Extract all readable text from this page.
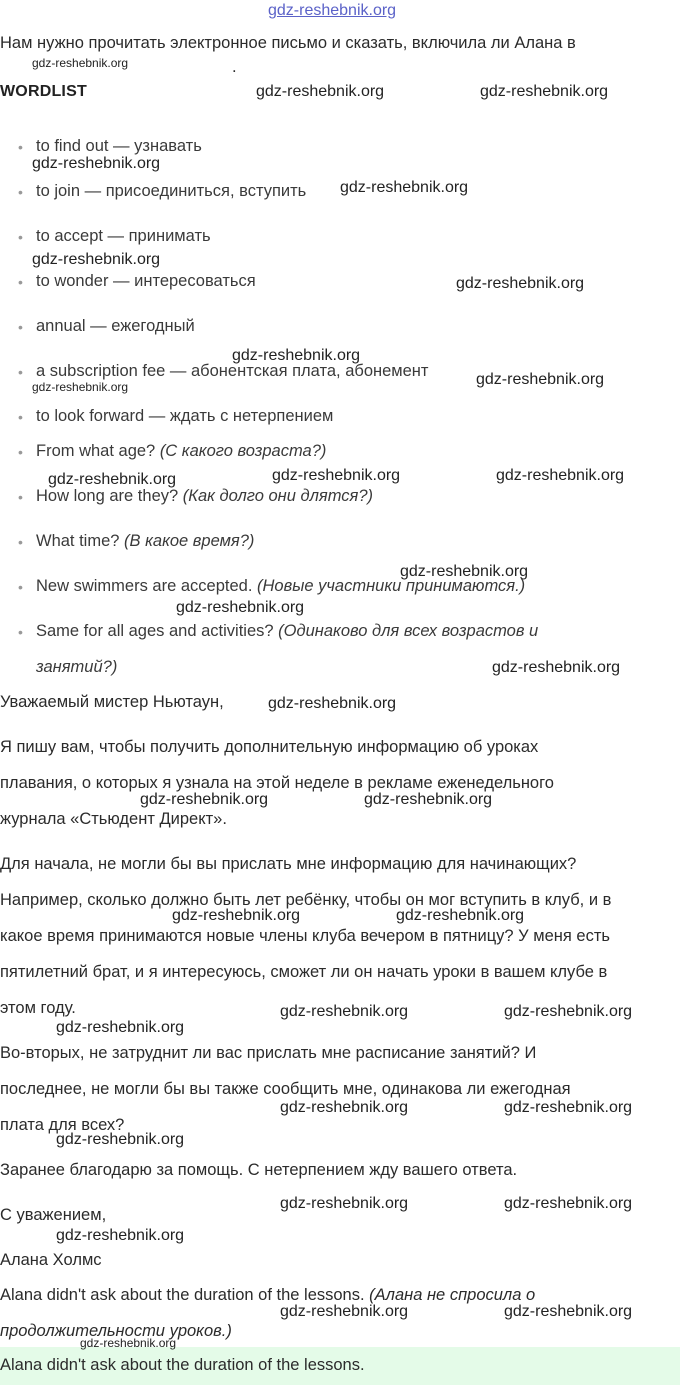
gdz-reshebnik.org
Нам нужно прочитать электронное письмо и сказать, включила ли Алана в
.
WORDLIST
• to find out — узнавать
• to join — присоединиться, вступить
• to accept — принимать
• to wonder — интересоваться
• annual — ежегодный
• a subscription fee — абонентская плата, абонемент
• to look forward — ждать с нетерпением
• From what age? (С какого возраста?)
• How long are they? (Как долго они длятся?)
• What time? (В какое время?)
• New swimmers are accepted. (Новые участники принимаются.)
• Same for all ages and activities? (Одинаково для всех возрастов и
занятий?)
Уважаемый мистер Ньютаун,
Я пишу вам, чтобы получить дополнительную информацию об уроках
плавания, о которых я узнала на этой неделе в рекламе еженедельного
журнала «Стьюдент Директ».
Для начала, не могли бы вы прислать мне информацию для начинающих?
Например, сколько должно быть лет ребёнку, чтобы он мог вступить в клуб, и в
какое время принимаются новые члены клуба вечером в пятницу? У меня есть
пятилетний брат, и я интересуюсь, сможет ли он начать уроки в вашем клубе в
этом году.
Во-вторых, не затруднит ли вас прислать мне расписание занятий? И
последнее, не могли бы вы также сообщить мне, одинакова ли ежегодная
плата для всех?
Заранее благодарю за помощь. С нетерпением жду вашего ответа.
С уважением,
Алана Холмс
Alana didn't ask about the duration of the lessons. (Алана не спросила о
продолжительности уроков.)
Alana didn't ask about the duration of the lessons.
gdz-reshebnik.org
gdz-reshebnik.org	gdz-reshebnik.org
gdz-reshebnik.org
gdz-reshebnik.org
gdz-reshebnik.org
gdz-reshebnik.org
gdz-reshebnik.org
gdz-reshebnik.org
gdz-reshebnik.org
gdz-reshebnik.org	gdz-reshebnik.org	gdz-reshebnik.org
gdz-reshebnik.org
gdz-reshebnik.org
gdz-reshebnik.org
gdz-reshebnik.org
gdz-reshebnik.org	gdz-reshebnik.org
gdz-reshebnik.org	gdz-reshebnik.org
gdz-reshebnik.org	gdz-reshebnik.org
gdz-reshebnik.org
gdz-reshebnik.org	gdz-reshebnik.org
gdz-reshebnik.org
gdz-reshebnik.org	gdz-reshebnik.org
gdz-reshebnik.org
gdz-reshebnik.org	gdz-reshebnik.org
gdz-reshebnik.org
